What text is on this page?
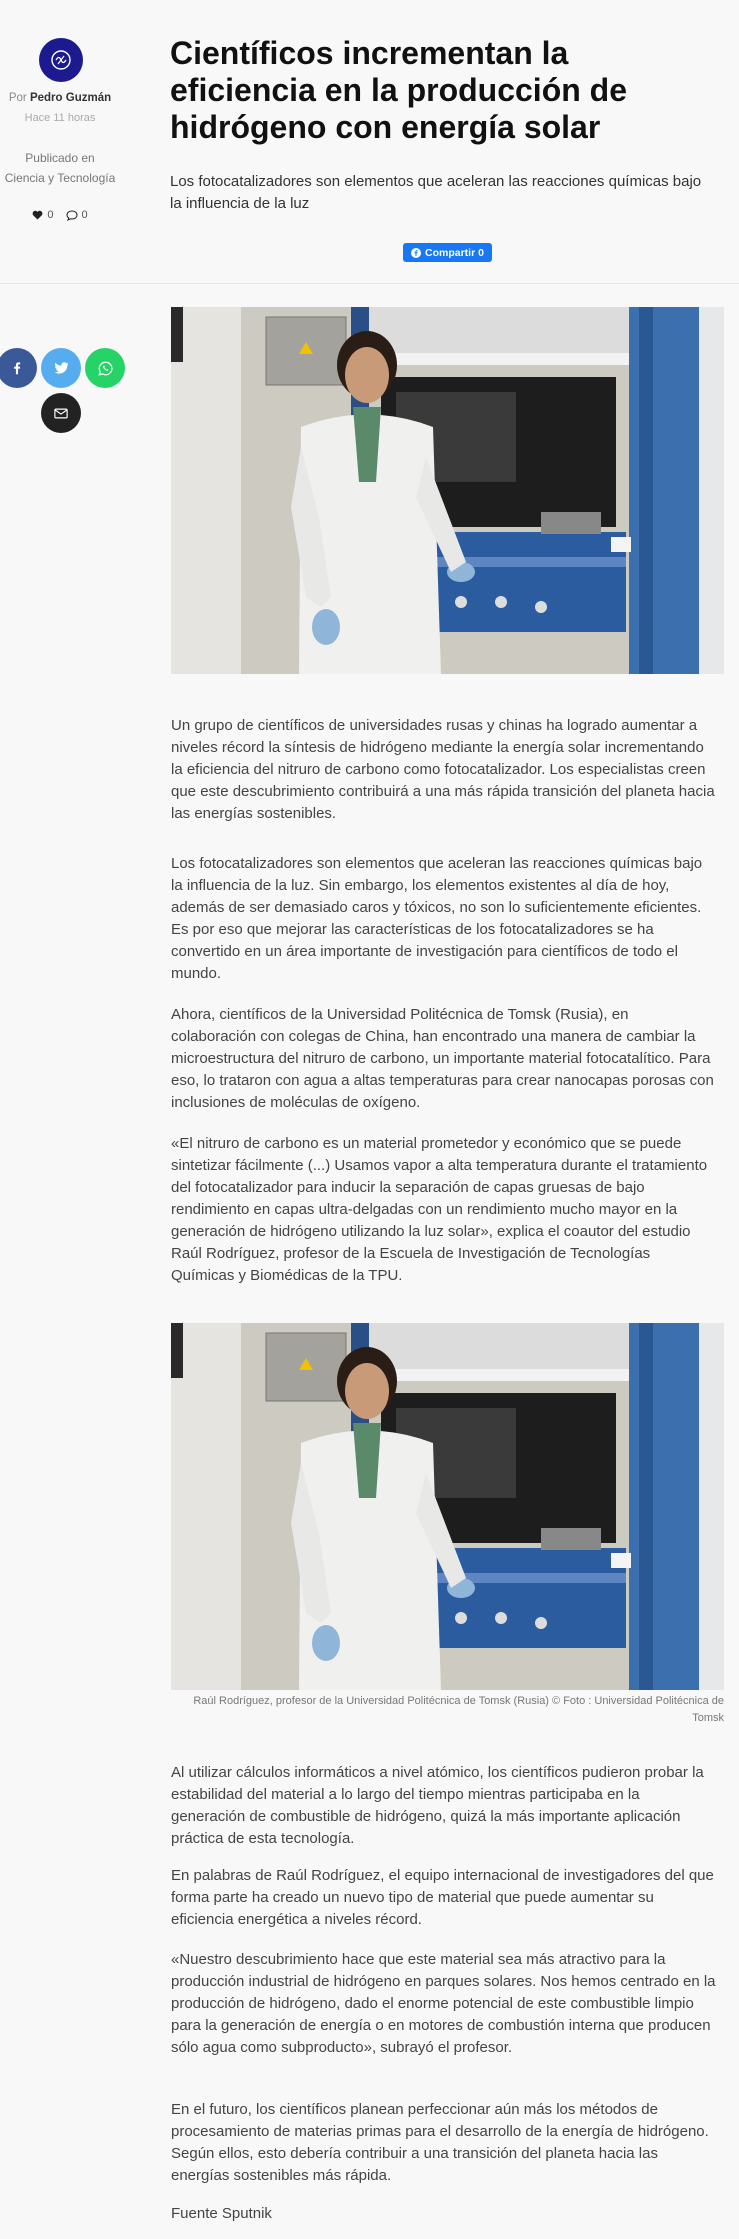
Por Pedro Guzmán
Hace 11 horas
Publicado en
Ciencia y Tecnología
0	0
Científicos incrementan la eficiencia en la producción de hidrógeno con energía solar
Los fotocatalizadores son elementos que aceleran las reacciones químicas bajo la influencia de la luz
Compartir 0

Un grupo de científicos de universidades rusas y chinas ha logrado aumentar a niveles récord la síntesis de hidrógeno mediante la energía solar incrementando la eficiencia del nitruro de carbono como fotocatalizador. Los especialistas creen que este descubrimiento contribuirá a una más rápida transición del planeta hacia las energías sostenibles.

Los fotocatalizadores son elementos que aceleran las reacciones químicas bajo la influencia de la luz. Sin embargo, los elementos existentes al día de hoy, además de ser demasiado caros y tóxicos, no son lo suficientemente eficientes. Es por eso que mejorar las características de los fotocatalizadores se ha convertido en un área importante de investigación para científicos de todo el mundo.

Ahora, científicos de la Universidad Politécnica de Tomsk (Rusia), en colaboración con colegas de China, han encontrado una manera de cambiar la microestructura del nitruro de carbono, un importante material fotocatalítico. Para eso, lo trataron con agua a altas temperaturas para crear nanocapas porosas con inclusiones de moléculas de oxígeno.

«El nitruro de carbono es un material prometedor y económico que se puede sintetizar fácilmente (...) Usamos vapor a alta temperatura durante el tratamiento del fotocatalizador para inducir la separación de capas gruesas de bajo rendimiento en capas ultra-delgadas con un rendimiento mucho mayor en la generación de hidrógeno utilizando la luz solar», explica el coautor del estudio Raúl Rodríguez, profesor de la Escuela de Investigación de Tecnologías Químicas y Biomédicas de la TPU.

Raúl Rodríguez, profesor de la Universidad Politécnica de Tomsk (Rusia) © Foto : Universidad Politécnica de Tomsk

Al utilizar cálculos informáticos a nivel atómico, los científicos pudieron probar la estabilidad del material a lo largo del tiempo mientras participaba en la generación de combustible de hidrógeno, quizá la más importante aplicación práctica de esta tecnología.

En palabras de Raúl Rodríguez, el equipo internacional de investigadores del que forma parte ha creado un nuevo tipo de material que puede aumentar su eficiencia energética a niveles récord.

«Nuestro descubrimiento hace que este material sea más atractivo para la producción industrial de hidrógeno en parques solares. Nos hemos centrado en la producción de hidrógeno, dado el enorme potencial de este combustible limpio para la generación de energía o en motores de combustión interna que producen sólo agua como subproducto», subrayó el profesor.

En el futuro, los científicos planean perfeccionar aún más los métodos de procesamiento de materias primas para el desarrollo de la energía de hidrógeno. Según ellos, esto debería contribuir a una transición del planeta hacia las energías sostenibles más rápida.

Fuente Sputnik
